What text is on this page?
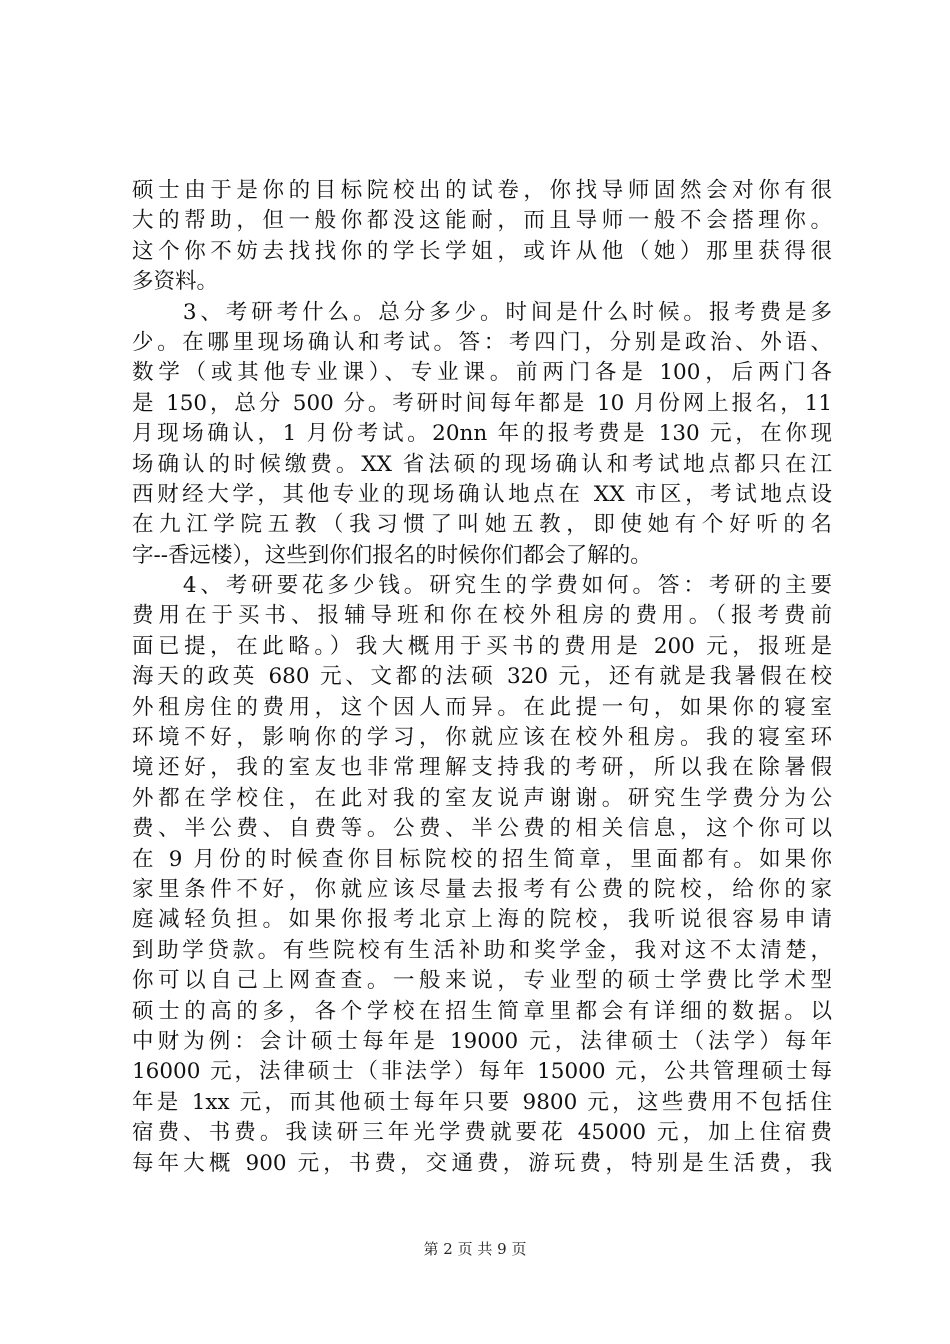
硕士由于是你的目标院校出的试卷，你找导师固然会对你有很
大的帮助，但一般你都没这能耐，而且导师一般不会搭理你。
这个你不妨去找找你的学长学姐，或许从他（她）那里获得很
多资料。
　　3、考研考什么。总分多少。时间是什么时候。报考费是多
少。在哪里现场确认和考试。答：考四门，分别是政治、外语、
数学（或其他专业课）、专业课。前两门各是 100，后两门各
是 150，总分 500 分。考研时间每年都是 10 月份网上报名，11
月现场确认，1 月份考试。20nn 年的报考费是 130 元，在你现
场确认的时候缴费。XX 省法硕的现场确认和考试地点都只在江
西财经大学，其他专业的现场确认地点在 XX 市区，考试地点设
在九江学院五教（我习惯了叫她五教，即使她有个好听的名
字--香远楼），这些到你们报名的时候你们都会了解的。
　　4、考研要花多少钱。研究生的学费如何。答：考研的主要
费用在于买书、报辅导班和你在校外租房的费用。（报考费前
面已提，在此略。）我大概用于买书的费用是 200 元，报班是
海天的政英 680 元、文都的法硕 320 元，还有就是我暑假在校
外租房住的费用，这个因人而异。在此提一句，如果你的寝室
环境不好，影响你的学习，你就应该在校外租房。我的寝室环
境还好，我的室友也非常理解支持我的考研，所以我在除暑假
外都在学校住，在此对我的室友说声谢谢。研究生学费分为公
费、半公费、自费等。公费、半公费的相关信息，这个你可以
在 9 月份的时候查你目标院校的招生简章，里面都有。如果你
家里条件不好，你就应该尽量去报考有公费的院校，给你的家
庭减轻负担。如果你报考北京上海的院校，我听说很容易申请
到助学贷款。有些院校有生活补助和奖学金，我对这不太清楚，
你可以自己上网查查。一般来说，专业型的硕士学费比学术型
硕士的高的多，各个学校在招生简章里都会有详细的数据。以
中财为例：会计硕士每年是 19000 元，法律硕士（法学）每年
16000 元，法律硕士（非法学）每年 15000 元，公共管理硕士每
年是 1xx 元，而其他硕士每年只要 9800 元，这些费用不包括住
宿费、书费。我读研三年光学费就要花 45000 元，加上住宿费
每年大概 900 元，书费，交通费，游玩费，特别是生活费，我
第 2 页 共 9 页
